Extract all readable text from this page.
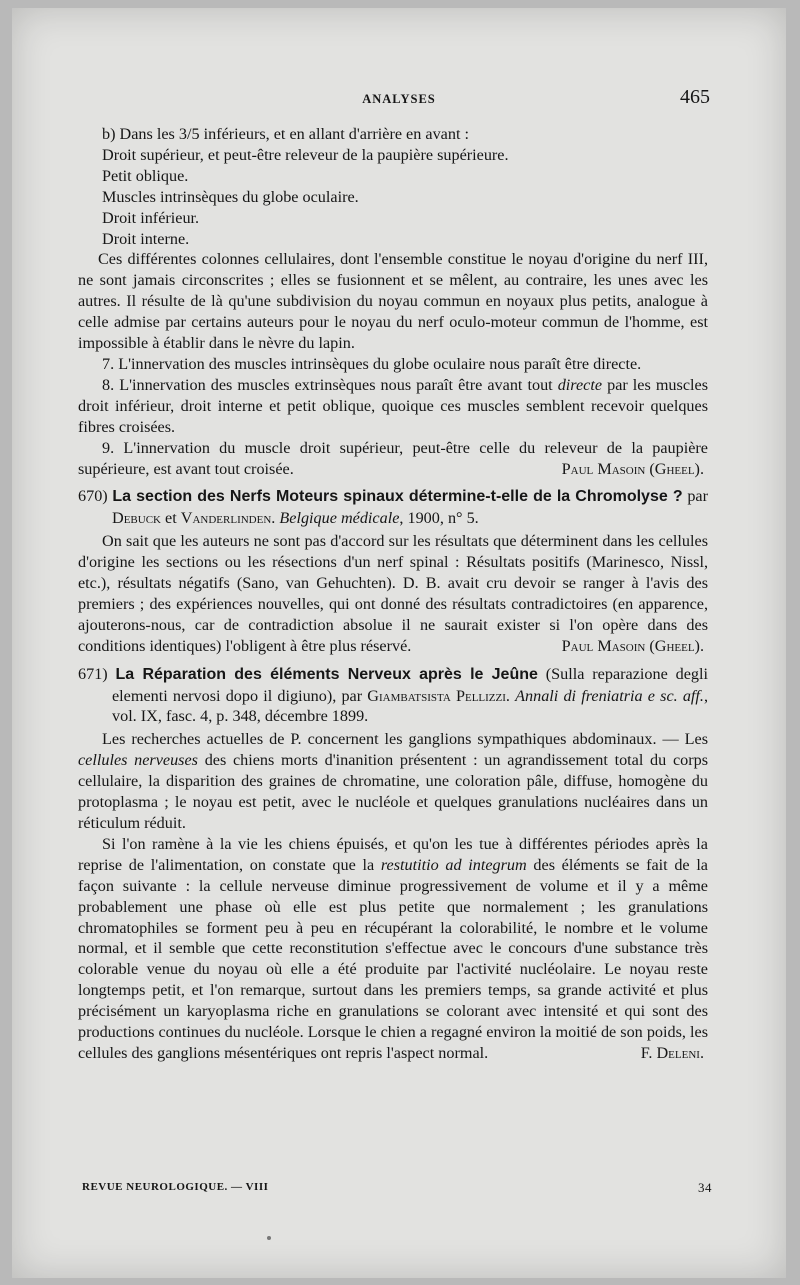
ANALYSES	465

b) Dans les 3/5 inférieurs, et en allant d'arrière en avant :

Droit supérieur, et peut-être releveur de la paupière supérieure.

Petit oblique.

Muscles intrinsèques du globe oculaire.

Droit inférieur.

Droit interne.

Ces différentes colonnes cellulaires, dont l'ensemble constitue le noyau d'origine du nerf III, ne sont jamais circonscrites ; elles se fusionnent et se mêlent, au contraire, les unes avec les autres. Il résulte de là qu'une subdivision du noyau commun en noyaux plus petits, analogue à celle admise par certains auteurs pour le noyau du nerf oculo-moteur commun de l'homme, est impossible à établir dans le nèvre du lapin.

7. L'innervation des muscles intrinsèques du globe oculaire nous paraît être directe.

8. L'innervation des muscles extrinsèques nous paraît être avant tout directe par les muscles droit inférieur, droit interne et petit oblique, quoique ces muscles semblent recevoir quelques fibres croisées.

9. L'innervation du muscle droit supérieur, peut-être celle du releveur de la paupière supérieure, est avant tout croisée.	Paul Masoin (Gheel).

670) La section des Nerfs Moteurs spinaux détermine-t-elle de la Chromolyse ? par Debuck et Vanderlinden. Belgique médicale, 1900, n° 5.

On sait que les auteurs ne sont pas d'accord sur les résultats que déterminent dans les cellules d'origine les sections ou les résections d'un nerf spinal : Résultats positifs (Marinesco, Nissl, etc.), résultats négatifs (Sano, van Gehuchten). D. B. avait cru devoir se ranger à l'avis des premiers ; des expériences nouvelles, qui ont donné des résultats contradictoires (en apparence, ajouterons-nous, car de contradiction absolue il ne saurait exister si l'on opère dans des conditions identiques) l'obligent à être plus réservé.	Paul Masoin (Gheel).

671) La Réparation des éléments Nerveux après le Jeûne (Sulla reparazione degli elementi nervosi dopo il digiuno), par Giambatsista Pellizzi. Annali di freniatria e sc. aff., vol. IX, fasc. 4, p. 348, décembre 1899.

Les recherches actuelles de P. concernent les ganglions sympathiques abdominaux. — Les cellules nerveuses des chiens morts d'inanition présentent : un agrandissement total du corps cellulaire, la disparition des graines de chromatine, une coloration pâle, diffuse, homogène du protoplasma ; le noyau est petit, avec le nucléole et quelques granulations nucléaires dans un réticulum réduit.

Si l'on ramène à la vie les chiens épuisés, et qu'on les tue à différentes périodes après la reprise de l'alimentation, on constate que la restutitio ad integrum des éléments se fait de la façon suivante : la cellule nerveuse diminue progressivement de volume et il y a même probablement une phase où elle est plus petite que normalement ; les granulations chromatophiles se forment peu à peu en récupérant la colorabilité, le nombre et le volume normal, et il semble que cette reconstitution s'effectue avec le concours d'une substance très colorable venue du noyau où elle a été produite par l'activité nucléolaire. Le noyau reste longtemps petit, et l'on remarque, surtout dans les premiers temps, sa grande activité et plus précisément un karyoplasma riche en granulations se colorant avec intensité et qui sont des productions continues du nucléole. Lorsque le chien a regagné environ la moitié de son poids, les cellules des ganglions mésentériques ont repris l'aspect normal.	F. Deleni.

REVUE NEUROLOGIQUE. — VIII	34
